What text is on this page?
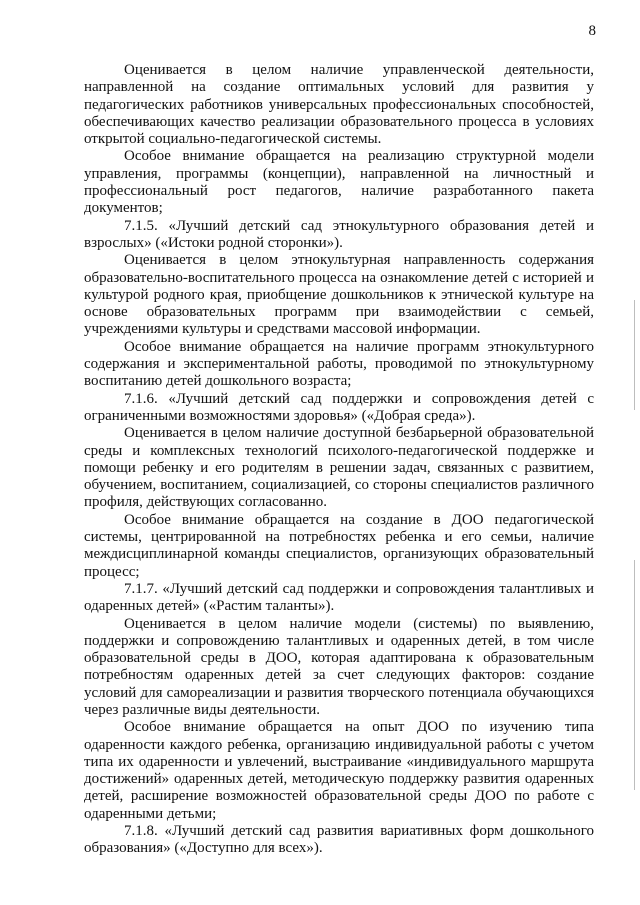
8

Оценивается в целом наличие управленческой деятельности, направленной на создание оптимальных условий для развития у педагогических работников универсальных профессиональных способностей, обеспечивающих качество реализации образовательного процесса в условиях открытой социально-педагогической системы.

Особое внимание обращается на реализацию структурной модели управления, программы (концепции), направленной на личностный и профессиональный рост педагогов, наличие разработанного пакета документов;

7.1.5. «Лучший детский сад этнокультурного образования детей и взрослых» («Истоки родной сторонки»).

Оценивается в целом этнокультурная направленность содержания образовательно-воспитательного процесса на ознакомление детей с историей и культурой родного края, приобщение дошкольников к этнической культуре на основе образовательных программ при взаимодействии с семьей, учреждениями культуры и средствами массовой информации.

Особое внимание обращается на наличие программ этнокультурного содержания и экспериментальной работы, проводимой по этнокультурному воспитанию детей дошкольного возраста;

7.1.6. «Лучший детский сад поддержки и сопровождения детей с ограниченными возможностями здоровья» («Добрая среда»).

Оценивается в целом наличие доступной безбарьерной образовательной среды и комплексных технологий психолого-педагогической поддержке и помощи ребенку и его родителям в решении задач, связанных с развитием, обучением, воспитанием, социализацией, со стороны специалистов различного профиля, действующих согласованно.

Особое внимание обращается на создание в ДОО педагогической системы, центрированной на потребностях ребенка и его семьи, наличие междисциплинарной команды специалистов, организующих образовательный процесс;

7.1.7. «Лучший детский сад поддержки и сопровождения талантливых и одаренных детей» («Растим таланты»).

Оценивается в целом наличие модели (системы) по выявлению, поддержки и сопровождению талантливых и одаренных детей, в том числе образовательной среды в ДОО, которая адаптирована к образовательным потребностям одаренных детей за счет следующих факторов: создание условий для самореализации и развития творческого потенциала обучающихся через различные виды деятельности.

Особое внимание обращается на опыт ДОО по изучению типа одаренности каждого ребенка, организацию индивидуальной работы с учетом типа их одаренности и увлечений, выстраивание «индивидуального маршрута достижений» одаренных детей, методическую поддержку развития одаренных детей, расширение возможностей образовательной среды ДОО по работе с одаренными детьми;

7.1.8. «Лучший детский сад развития вариативных форм дошкольного образования» («Доступно для всех»).
